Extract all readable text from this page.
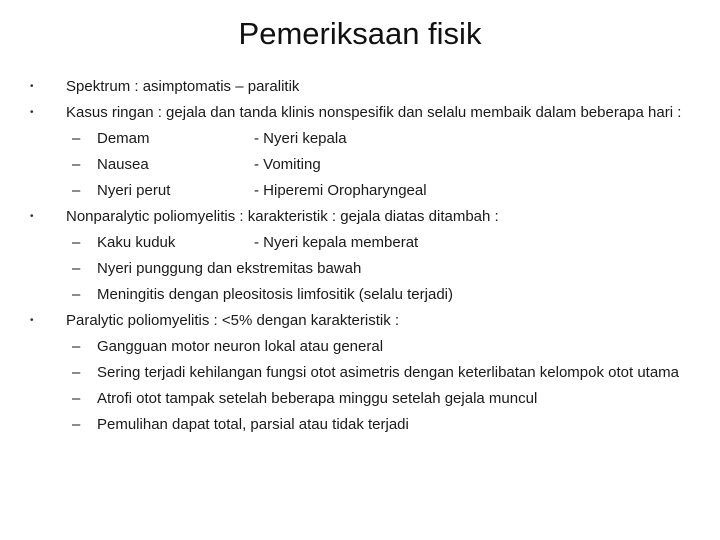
Pemeriksaan fisik
•	Spektrum : asimptomatis – paralitik
•	Kasus ringan : gejala dan tanda klinis nonspesifik dan selalu membaik dalam beberapa hari :
– Demam	- Nyeri kepala
– Nausea	- Vomiting
– Nyeri perut	- Hiperemi Oropharyngeal
•	Nonparalytic poliomyelitis : karakteristik : gejala diatas ditambah :
– Kaku kuduk	- Nyeri kepala memberat
– Nyeri punggung dan ekstremitas bawah
– Meningitis dengan pleositosis limfositik (selalu terjadi)
•	Paralytic poliomyelitis : <5% dengan karakteristik :
– Gangguan motor neuron lokal atau general
– Sering terjadi kehilangan fungsi otot asimetris dengan keterlibatan kelompok otot utama
– Atrofi otot tampak setelah beberapa minggu setelah gejala muncul
– Pemulihan dapat total, parsial atau tidak terjadi
